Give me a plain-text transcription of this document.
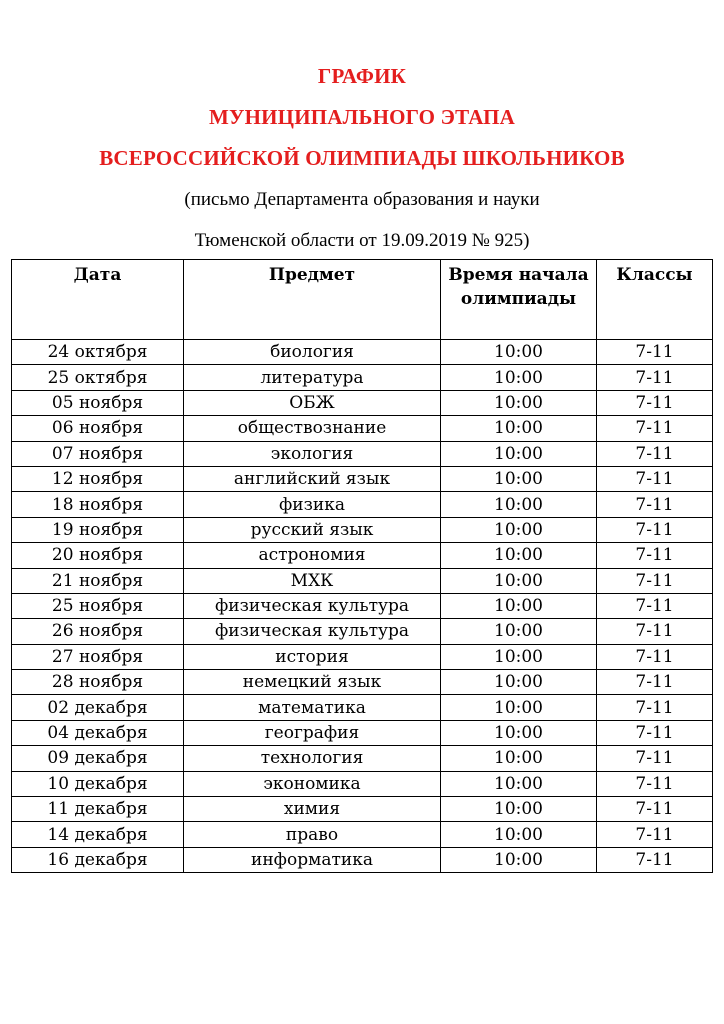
ГРАФИК
МУНИЦИПАЛЬНОГО ЭТАПА
ВСЕРОССИЙСКОЙ ОЛИМПИАДЫ ШКОЛЬНИКОВ
(письмо Департамента образования и науки
Тюменской области от 19.09.2019 № 925)
Дата	Предмет	Время начала олимпиады	Классы

24 октября	биология	10:00	7-11
25 октября	литература	10:00	7-11
05 ноября	ОБЖ	10:00	7-11
06 ноября	обществознание	10:00	7-11
07 ноября	экология	10:00	7-11
12 ноября	английский язык	10:00	7-11
18 ноября	физика	10:00	7-11
19 ноября	русский язык	10:00	7-11
20 ноября	астрономия	10:00	7-11
21 ноября	МХК	10:00	7-11
25 ноября	физическая культура	10:00	7-11
26 ноября	физическая культура	10:00	7-11
27 ноября	история	10:00	7-11
28 ноября	немецкий язык	10:00	7-11
02 декабря	математика	10:00	7-11
04 декабря	география	10:00	7-11
09 декабря	технология	10:00	7-11
10 декабря	экономика	10:00	7-11
11 декабря	химия	10:00	7-11
14 декабря	право	10:00	7-11
16 декабря	информатика	10:00	7-11
